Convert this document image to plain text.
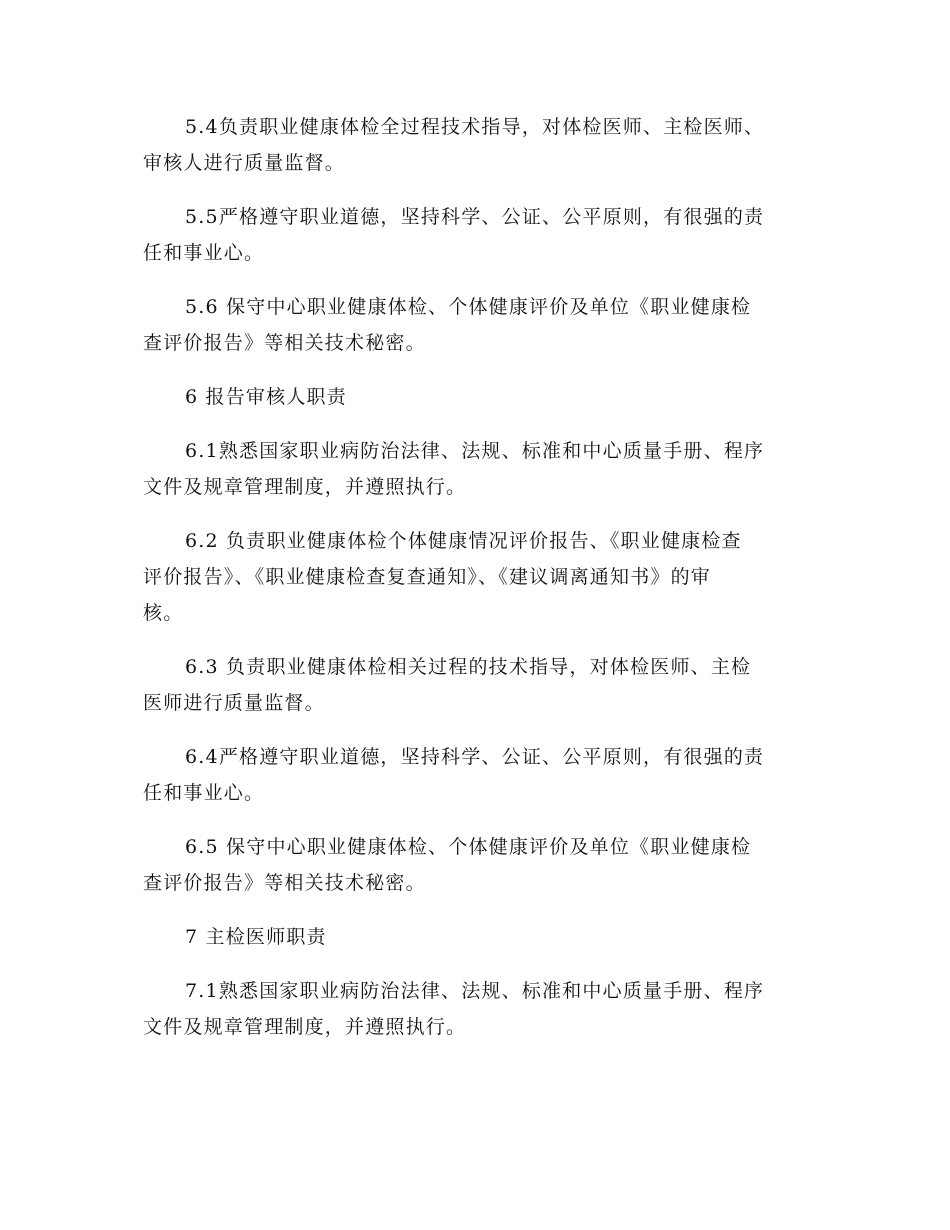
5.4负责职业健康体检全过程技术指导，对体检医师、主检医师、
审核人进行质量监督。

5.5严格遵守职业道德，坚持科学、公证、公平原则，有很强的责
任和事业心。

5.6 保守中心职业健康体检、个体健康评价及单位《职业健康检
查评价报告》等相关技术秘密。

6 报告审核人职责

6.1熟悉国家职业病防治法律、法规、标准和中心质量手册、程序
文件及规章管理制度，并遵照执行。

6.2 负责职业健康体检个体健康情况评价报告、《职业健康检查
评价报告》、《职业健康检查复查通知》、《建议调离通知书》的审
核。

6.3 负责职业健康体检相关过程的技术指导，对体检医师、主检
医师进行质量监督。

6.4严格遵守职业道德，坚持科学、公证、公平原则，有很强的责
任和事业心。

6.5 保守中心职业健康体检、个体健康评价及单位《职业健康检
查评价报告》等相关技术秘密。

7 主检医师职责

7.1熟悉国家职业病防治法律、法规、标准和中心质量手册、程序
文件及规章管理制度，并遵照执行。
